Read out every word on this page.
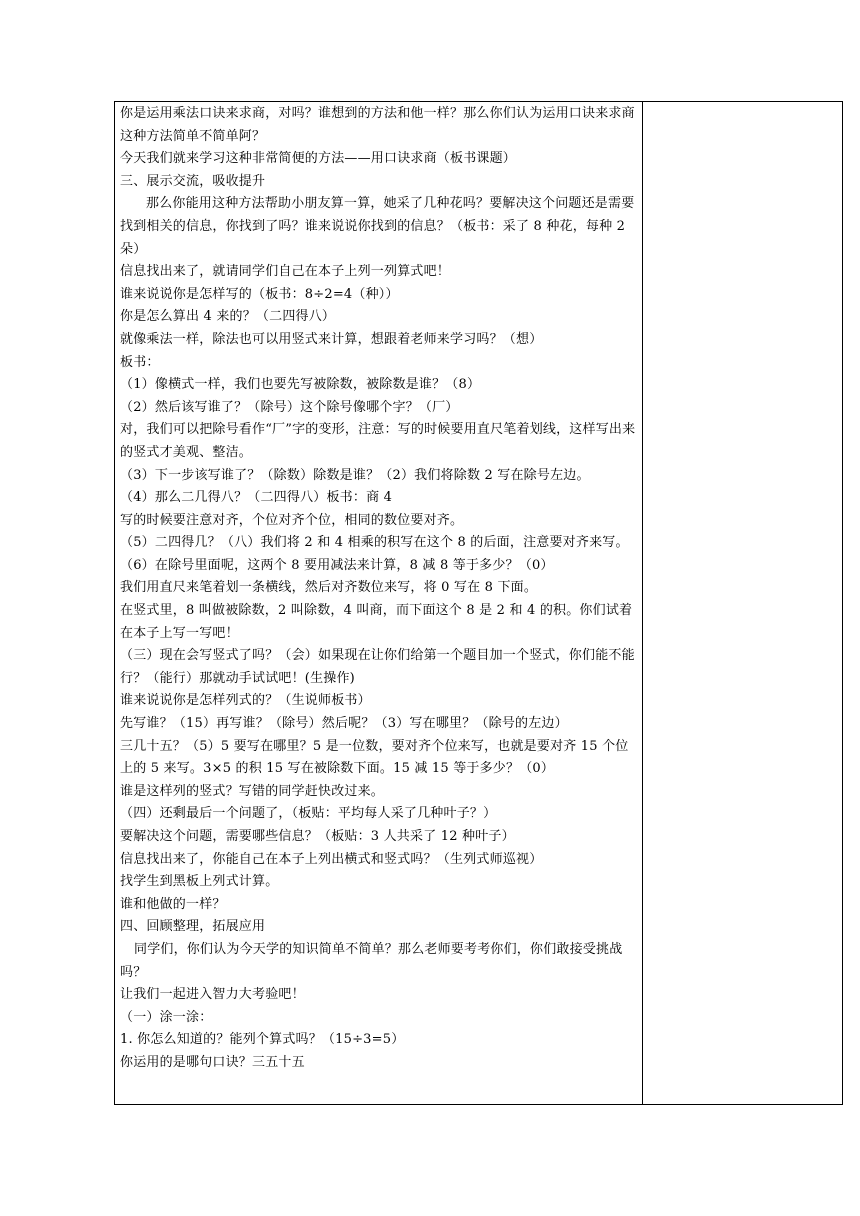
你是运用乘法口诀来求商，对吗？谁想到的方法和他一样？那么你们认为运用口诀来求商这种方法简单不简单阿？

今天我们就来学习这种非常简便的方法——用口诀求商（板书课题）

三、展示交流，吸收提升

那么你能用这种方法帮助小朋友算一算，她采了几种花吗？要解决这个问题还是需要找到相关的信息，你找到了吗？谁来说说你找到的信息？（板书：采了 8 种花，每种 2 朵）

信息找出来了，就请同学们自己在本子上列一列算式吧！

谁来说说你是怎样写的（板书：8÷2=4（种））

你是怎么算出 4 来的？（二四得八）

就像乘法一样，除法也可以用竖式来计算，想跟着老师来学习吗？（想）

板书：

（1）像横式一样，我们也要先写被除数，被除数是谁？（8）

（2）然后该写谁了？（除号）这个除号像哪个字？（厂）

对，我们可以把除号看作“厂”字的变形，注意：写的时候要用直尺笔着划线，这样写出来的竖式才美观、整洁。

（3）下一步该写谁了？（除数）除数是谁？（2）我们将除数 2 写在除号左边。

（4）那么二几得八？（二四得八）板书：商 4

写的时候要注意对齐，个位对齐个位，相同的数位要对齐。

（5）二四得几？（八）我们将 2 和 4 相乘的积写在这个 8 的后面，注意要对齐来写。

（6）在除号里面呢，这两个 8 要用减法来计算，8 减 8 等于多少？（0）

我们用直尺来笔着划一条横线，然后对齐数位来写，将 0 写在 8 下面。

在竖式里，8 叫做被除数，2 叫除数，4 叫商，而下面这个 8 是 2 和 4 的积。你们试着在本子上写一写吧！

（三）现在会写竖式了吗？（会）如果现在让你们给第一个题目加一个竖式，你们能不能行？（能行）那就动手试试吧！(生操作)

谁来说说你是怎样列式的？（生说师板书）

先写谁？（15）再写谁？（除号）然后呢？（3）写在哪里？（除号的左边）

三几十五？（5）5 要写在哪里？5 是一位数，要对齐个位来写，也就是要对齐 15 个位上的 5 来写。3×5 的积 15 写在被除数下面。15 减 15 等于多少？（0）

谁是这样列的竖式？写错的同学赶快改过来。

（四）还剩最后一个问题了，（板贴：平均每人采了几种叶子？）

要解决这个问题，需要哪些信息？（板贴：3 人共采了 12 种叶子）

信息找出来了，你能自己在本子上列出横式和竖式吗？（生列式师巡视）

找学生到黑板上列式计算。

谁和他做的一样？

四、回顾整理，拓展应用

同学们，你们认为今天学的知识简单不简单？那么老师要考考你们，你们敢接受挑战吗？

让我们一起进入智力大考验吧！

（一）涂一涂：

1. 你怎么知道的？能列个算式吗？（15÷3=5）

你运用的是哪句口诀？三五十五
